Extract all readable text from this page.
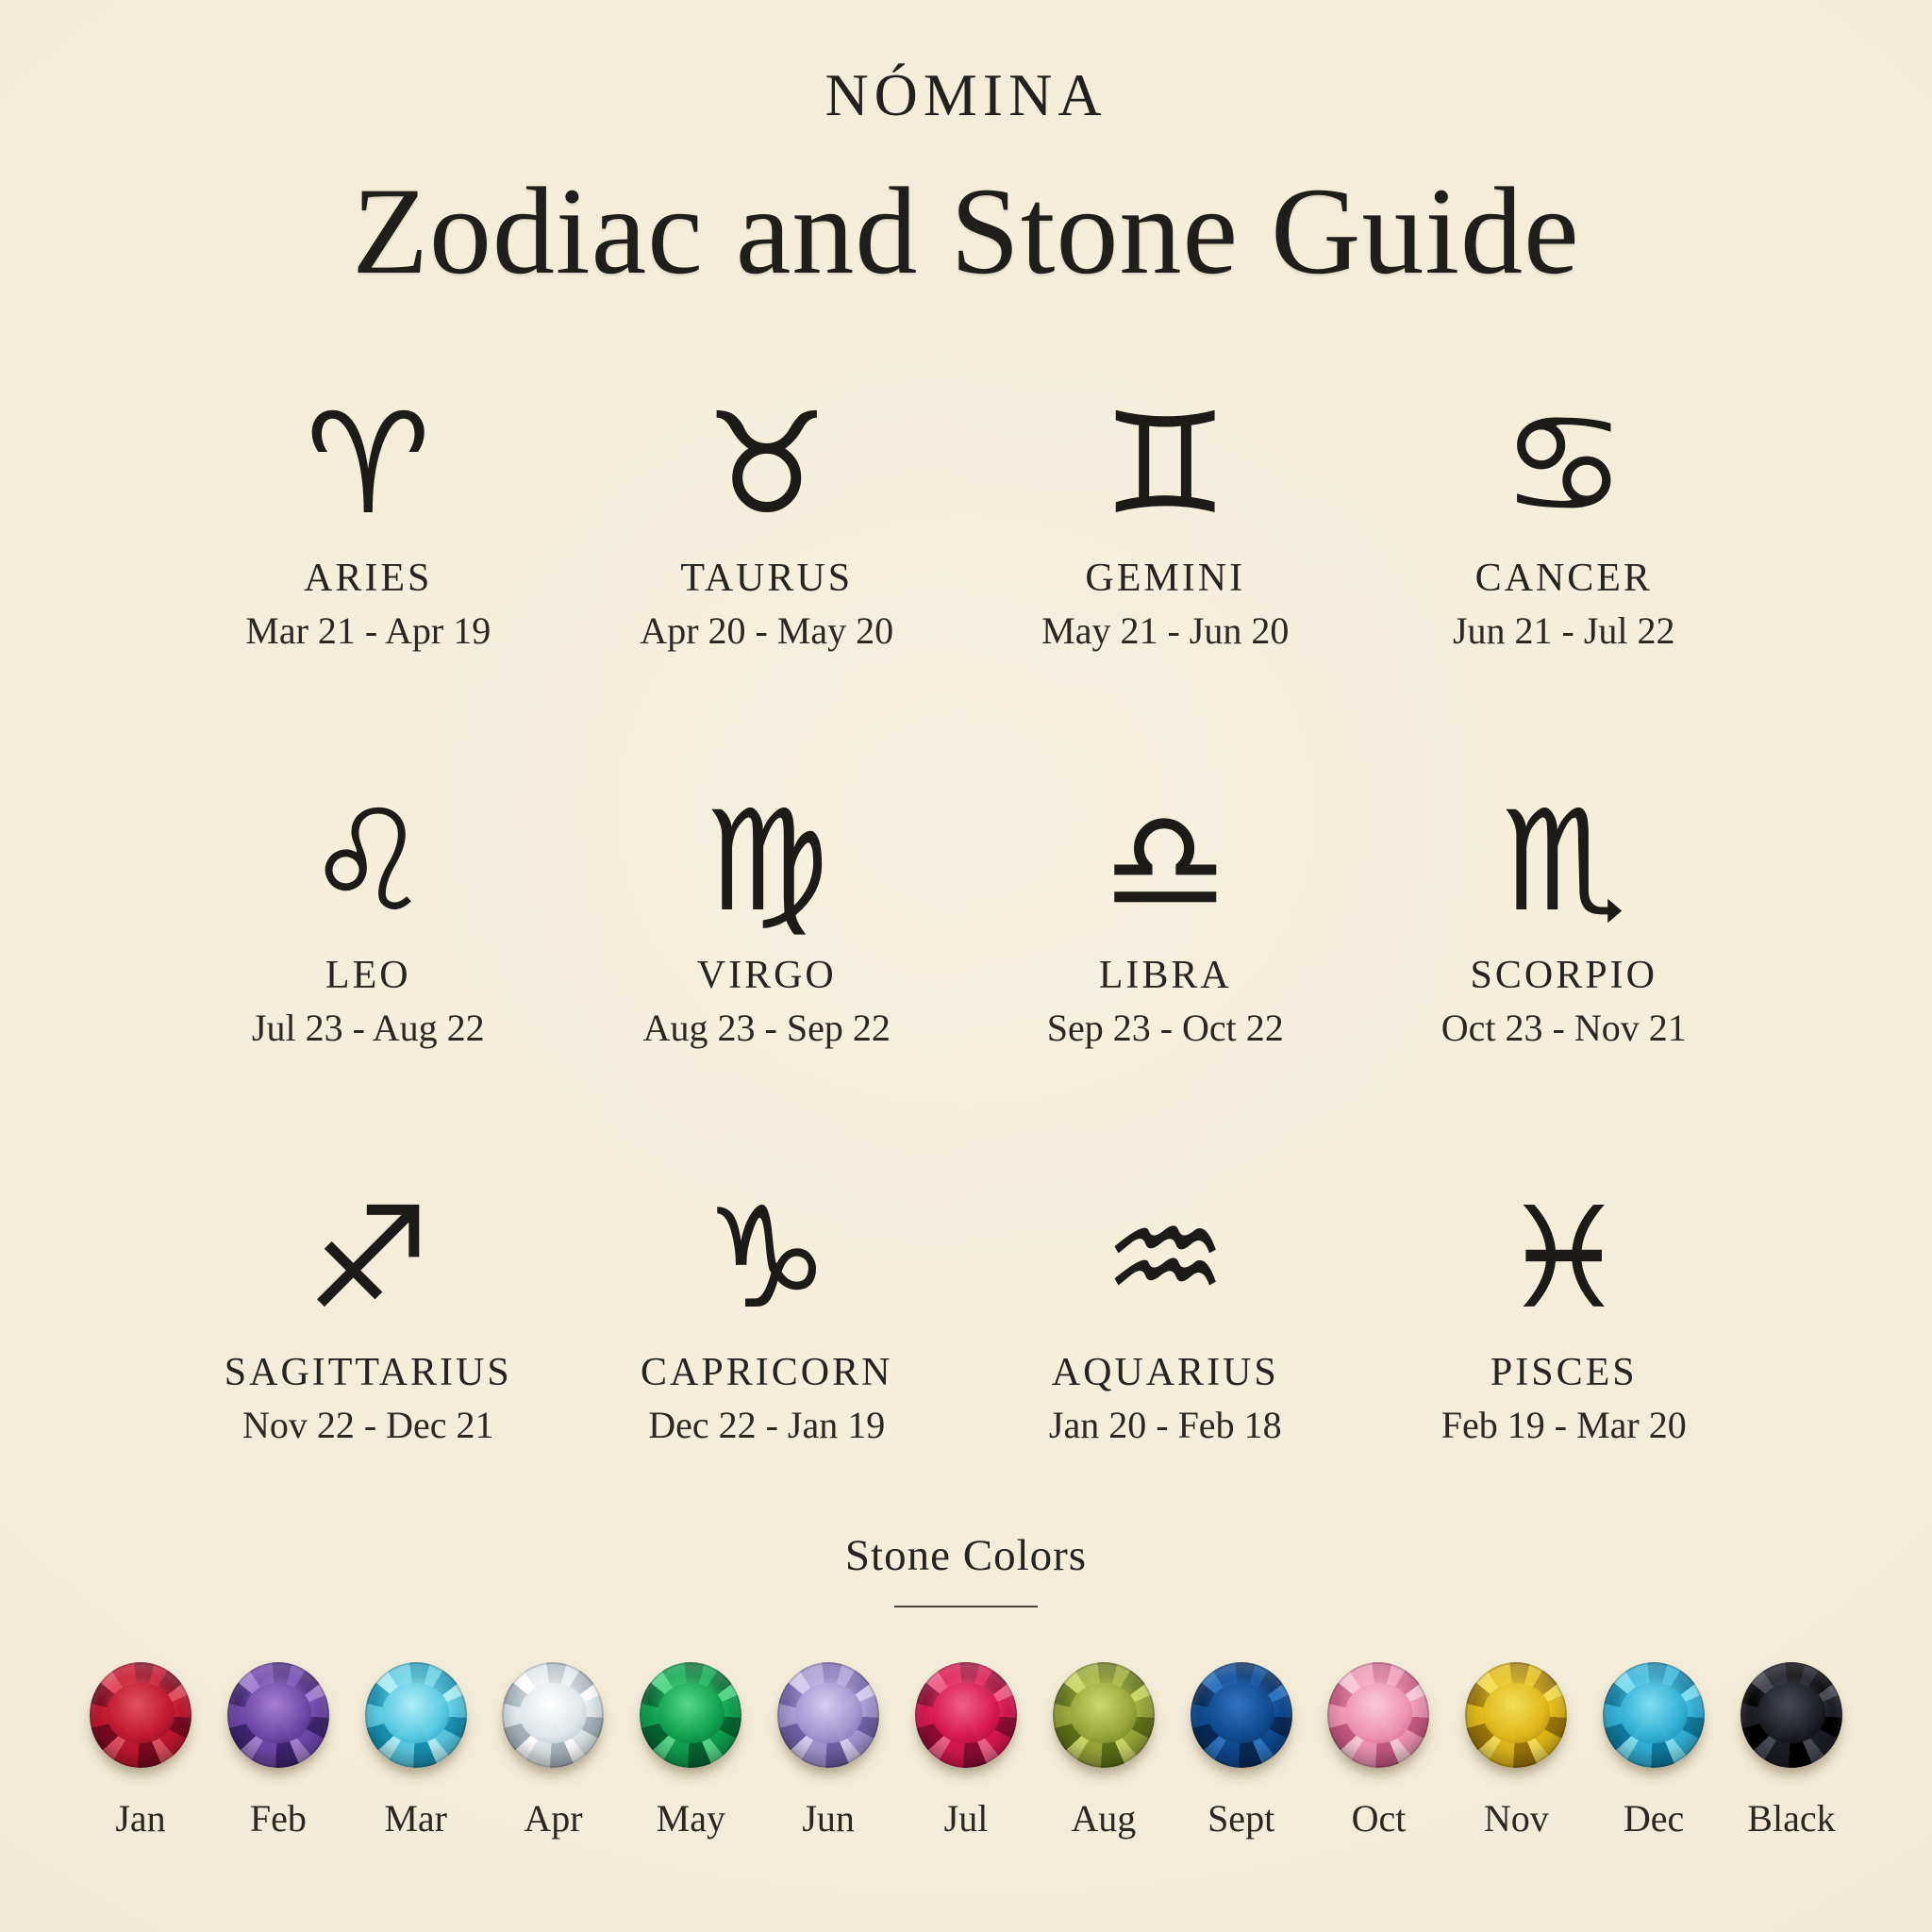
NÓMINA
Zodiac and Stone Guide
♈︎
ARIES
Mar 21 - Apr 19
♉︎
TAURUS
Apr 20 - May 20
♊︎
GEMINI
May 21 - Jun 20
♋︎
CANCER
Jun 21 - Jul 22
♌︎
LEO
Jul 23 - Aug 22
♍︎
VIRGO
Aug 23 - Sep 22
♎︎
LIBRA
Sep 23 - Oct 22
♏︎
SCORPIO
Oct 23 - Nov 21
♐︎
SAGITTARIUS
Nov 22 - Dec 21
♑︎
CAPRICORN
Dec 22 - Jan 19
♒︎
AQUARIUS
Jan 20 - Feb 18
♓︎
PISCES
Feb 19 - Mar 20
Stone Colors
Jan Feb Mar Apr May Jun Jul Aug Sept Oct Nov Dec Black
